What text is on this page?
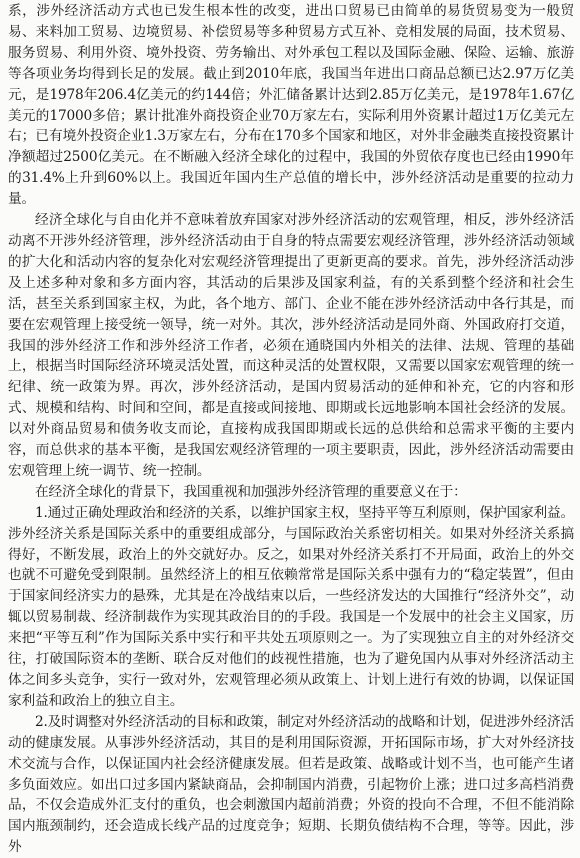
系，涉外经济活动方式也已发生根本性的改变，进出口贸易已由简单的易货贸易变为一般贸易、来料加工贸易、边境贸易、补偿贸易等多种贸易方式互补、竞相发展的局面，技术贸易、服务贸易、利用外资、境外投资、劳务输出、对外承包工程以及国际金融、保险、运输、旅游等各项业务均得到长足的发展。截止到2010年底，我国当年进出口商品总额已达2.97万亿美元，是1978年206.4亿美元的约144倍；外汇储备累计达到2.85万亿美元，是1978年1.67亿美元的17000多倍；累计批准外商投资企业70万家左右，实际利用外资累计超过1万亿美元左右；已有境外投资企业1.3万家左右，分布在170多个国家和地区，对外非金融类直接投资累计净额超过2500亿美元。在不断融入经济全球化的过程中，我国的外贸依存度也已经由1990年的31.4%上升到60%以上。我国近年国内生产总值的增长中，涉外经济活动是重要的拉动力量。

经济全球化与自由化并不意味着放弃国家对涉外经济活动的宏观管理，相反，涉外经济活动离不开涉外经济管理，涉外经济活动由于自身的特点需要宏观经济管理，涉外经济活动领域的扩大化和活动内容的复杂化对宏观经济管理提出了更新更高的要求。首先，涉外经济活动涉及上述多种对象和多方面内容，其活动的后果涉及国家利益，有的关系到整个经济和社会生活，甚至关系到国家主权，为此，各个地方、部门、企业不能在涉外经济活动中各行其是，而要在宏观管理上接受统一领导，统一对外。其次，涉外经济活动是同外商、外国政府打交道，我国的涉外经济工作和涉外经济工作者，必须在通晓国内外相关的法律、法规、管理的基础上，根据当时国际经济环境灵活处置，而这种灵活的处置权限，又需要以国家宏观管理的统一纪律、统一政策为界。再次，涉外经济活动，是国内贸易活动的延伸和补充，它的内容和形式、规模和结构、时间和空间，都是直接或间接地、即期或长远地影响本国社会经济的发展。以对外商品贸易和债务收支而论，直接构成我国即期或长远的总供给和总需求平衡的主要内容，而总供求的基本平衡，是我国宏观经济管理的一项主要职责，因此，涉外经济活动需要由宏观管理上统一调节、统一控制。

在经济全球化的背景下，我国重视和加强涉外经济管理的重要意义在于：

1.通过正确处理政治和经济的关系，以维护国家主权，坚持平等互利原则，保护国家利益。涉外经济关系是国际关系中的重要组成部分，与国际政治关系密切相关。如果对外经济关系搞得好，不断发展，政治上的外交就好办。反之，如果对外经济关系打不开局面，政治上的外交也就不可避免受到限制。虽然经济上的相互依赖常常是国际关系中强有力的“稳定装置”，但由于国家间经济实力的悬殊，尤其是在冷战结束以后，一些经济发达的大国推行“经济外交”，动辄以贸易制裁、经济制裁作为实现其政治目的的手段。我国是一个发展中的社会主义国家，历来把“平等互利”作为国际关系中实行和平共处五项原则之一。为了实现独立自主的对外经济交往，打破国际资本的垄断、联合反对他们的歧视性措施，也为了避免国内从事对外经济活动主体之间多头竞争，实行一致对外，宏观管理必须从政策上、计划上进行有效的协调，以保证国家利益和政治上的独立自主。

2.及时调整对外经济活动的目标和政策，制定对外经济活动的战略和计划，促进涉外经济活动的健康发展。从事涉外经济活动，其目的是利用国际资源，开拓国际市场，扩大对外经济技术交流与合作，以保证国内社会经济健康发展。但若是政策、战略或计划不当，也可能产生诸多负面效应。如出口过多国内紧缺商品，会抑制国内消费，引起物价上涨；进口过多高档消费品，不仅会造成外汇支付的重负，也会刺激国内超前消费；外资的投向不合理，不但不能消除国内瓶颈制约，还会造成长线产品的过度竞争；短期、长期负债结构不合理，等等。因此，涉外
